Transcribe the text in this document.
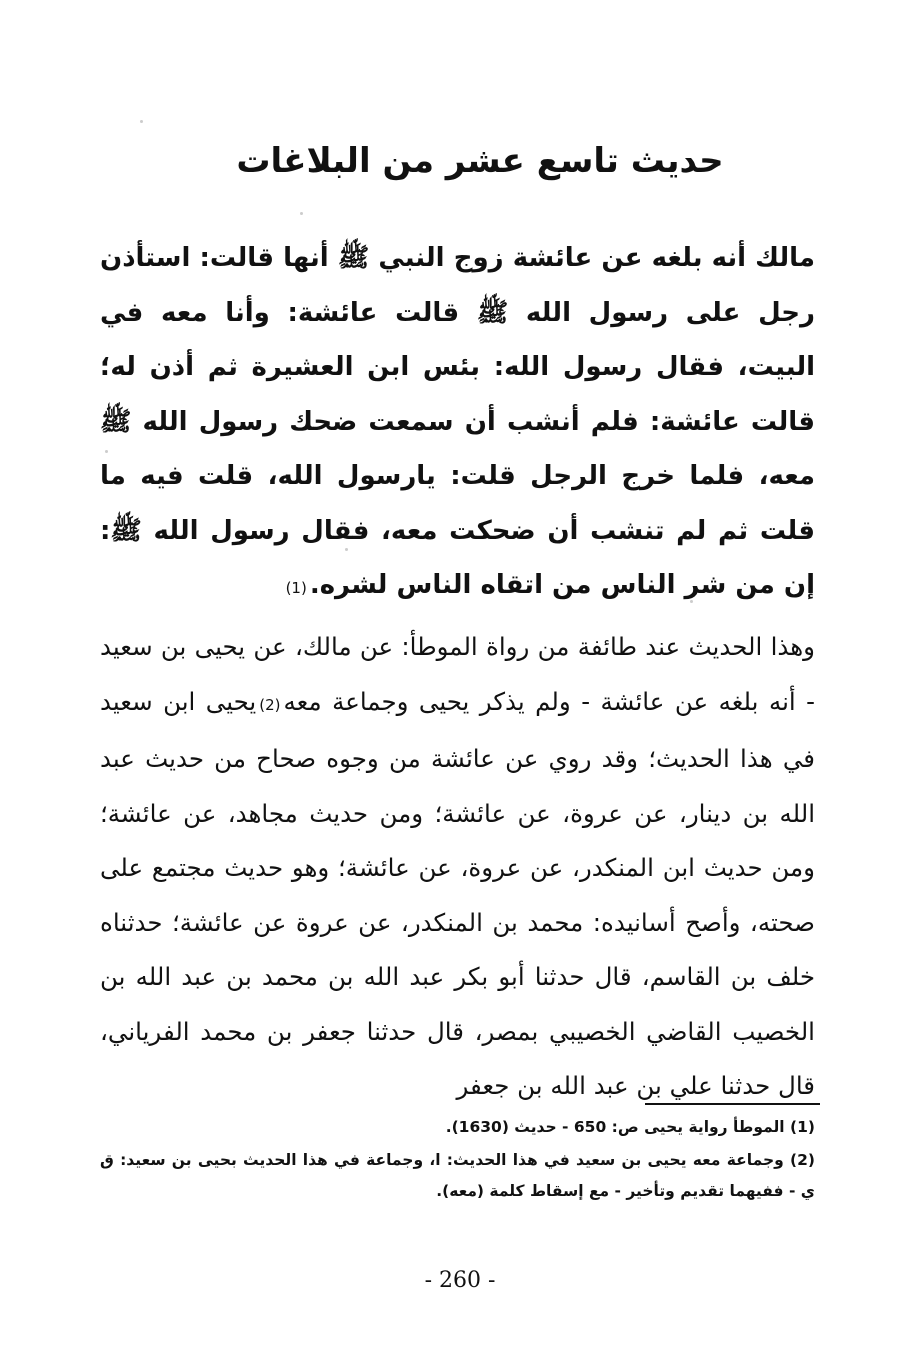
حديث تاسع عشر من البلاغات

مالك أنه بلغه عن عائشة زوج النبي ﷺ أنها قالت: استأذن رجل على رسول الله ﷺ قالت عائشة: وأنا معه في البيت، فقال رسول الله: بئس ابن العشيرة ثم أذن له؛ قالت عائشة: فلم أنشب أن سمعت ضحك رسول الله ﷺ معه، فلما خرج الرجل قلت: يارسول الله، قلت فيه ما قلت ثم لم تنشب أن ضحكت معه، فقال رسول الله ﷺ: إن من شر الناس من اتقاه الناس لشره.(1)

وهذا الحديث عند طائفة من رواة الموطأ: عن مالك، عن يحيى بن سعيد - أنه بلغه عن عائشة - ولم يذكر يحيى وجماعة معه(2)يحيى ابن سعيد في هذا الحديث؛ وقد روي عن عائشة من وجوه صحاح من حديث عبد الله بن دينار، عن عروة، عن عائشة؛ ومن حديث مجاهد، عن عائشة؛ ومن حديث ابن المنكدر، عن عروة، عن عائشة؛ وهو حديث مجتمع على صحته، وأصح أسانيده: محمد بن المنكدر، عن عروة عن عائشة؛ حدثناه خلف بن القاسم، قال حدثنا أبو بكر عبد الله بن محمد بن عبد الله بن الخصيب القاضي الخصيبي بمصر، قال حدثنا جعفر بن محمد الفرياني، قال حدثنا علي بن عبد الله بن جعفر

(1) الموطأ رواية يحيى ص: 650 - حديث (1630).

(2) وجماعة معه يحيى بن سعيد في هذا الحديث: ا، وجماعة في هذا الحديث بحيى بن سعيد: ق ي - ففيهما تقديم وتأخير - مع إسقاط كلمة (معه).

- 260 -
